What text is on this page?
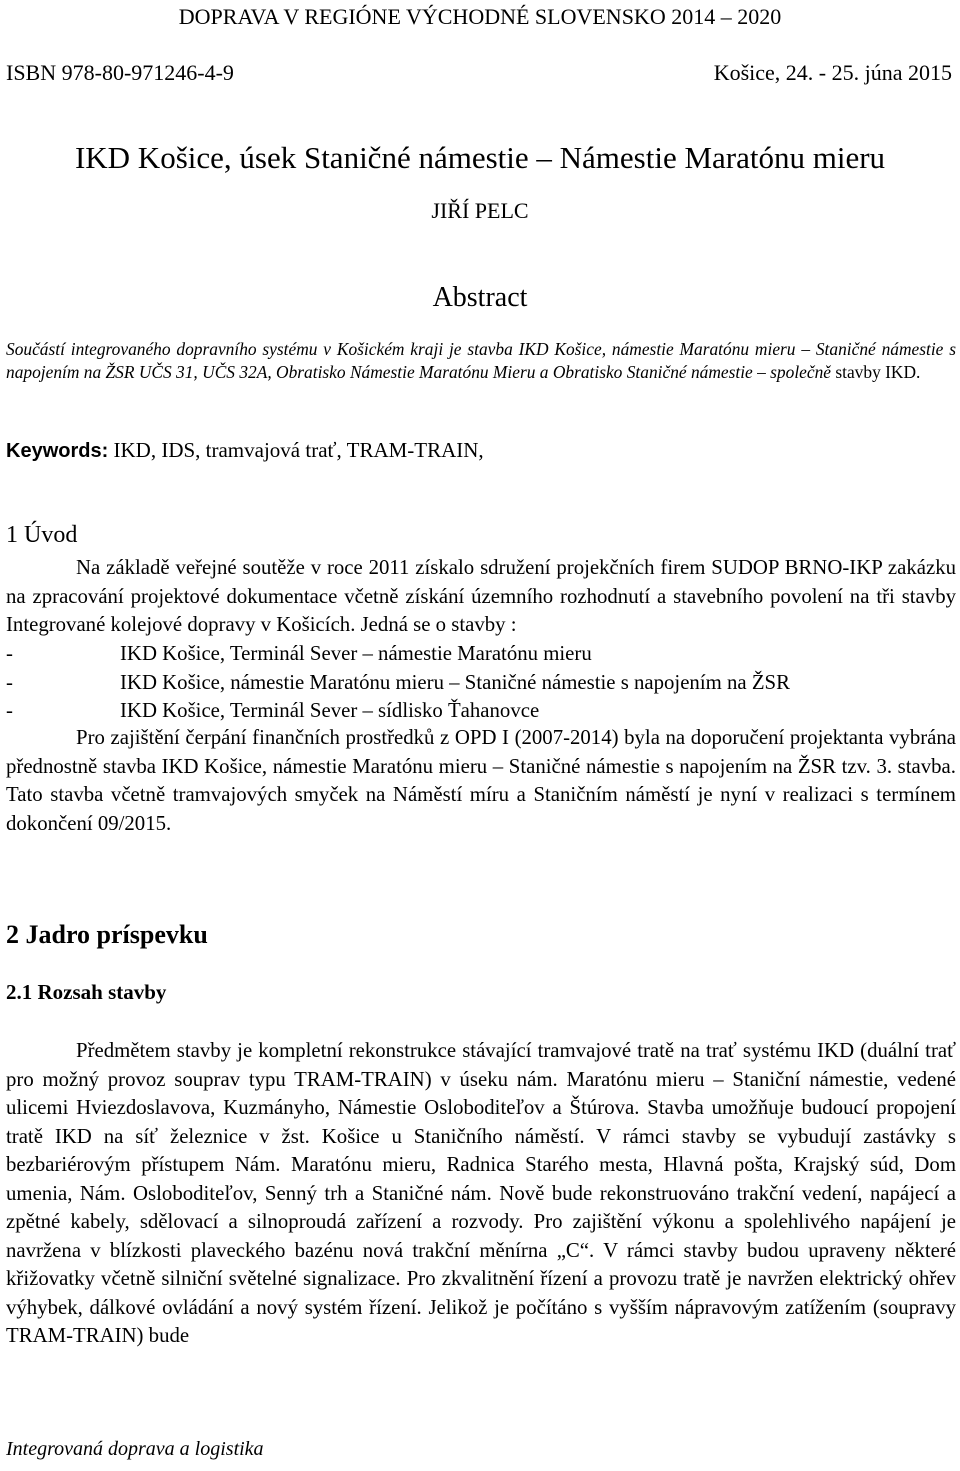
DOPRAVA V REGIÓNE VÝCHODNÉ SLOVENSKO 2014 – 2020
ISBN 978-80-971246-4-9	Košice, 24. - 25. júna 2015
IKD Košice, úsek Staničné námestie – Námestie Maratónu mieru
JIŘÍ PELC
Abstract
Součástí integrovaného dopravního systému v Košickém kraji je stavba IKD Košice, námestie Maratónu mieru – Staničné námestie s napojením na ŽSR UČS 31, UČS 32A, Obratisko Námestie Maratónu Mieru a Obratisko Staničné námestie – společně stavby IKD.
Keywords: IKD, IDS, tramvajová trať, TRAM-TRAIN,
1 Úvod
Na základě veřejné soutěže v roce 2011 získalo sdružení projekčních firem SUDOP BRNO-IKP zakázku na zpracování projektové dokumentace včetně získání územního rozhodnutí a stavebního povolení na tři stavby Integrované kolejové dopravy v Košicích. Jedná se o stavby :
-	IKD Košice, Terminál Sever – námestie Maratónu mieru
-	IKD Košice, námestie Maratónu mieru – Staničné námestie s napojením na ŽSR
-	IKD Košice, Terminál Sever – sídlisko Ťahanovce
Pro zajištění čerpání finančních prostředků z OPD I (2007-2014) byla na doporučení projektanta vybrána přednostně stavba IKD Košice, námestie Maratónu mieru – Staničné námestie s napojením na ŽSR tzv. 3. stavba. Tato stavba včetně tramvajových smyček na Náměstí míru a Staničním náměstí je nyní v realizaci s termínem dokončení 09/2015.
2 Jadro príspevku
2.1 Rozsah stavby
Předmětem stavby je kompletní rekonstrukce stávající tramvajové tratě na trať systému IKD (duální trať pro možný provoz souprav typu TRAM-TRAIN) v úseku nám. Maratónu mieru – Staniční námestie, vedené ulicemi Hviezdoslavova, Kuzmányho, Námestie Osloboditeľov a Štúrova. Stavba umožňuje budoucí propojení tratě IKD na síť železnice v žst. Košice u Staničního náměstí. V rámci stavby se vybudují zastávky s bezbariérovým přístupem Nám. Maratónu mieru, Radnica Starého mesta, Hlavná pošta, Krajský súd, Dom umenia, Nám. Osloboditeľov, Senný trh a Staničné nám. Nově bude rekonstruováno trakční vedení, napájecí a zpětné kabely, sdělovací a silnoproudá zařízení a rozvody. Pro zajištění výkonu a spolehlivého napájení je navržena v blízkosti plaveckého bazénu nová trakční měnírna „C“. V rámci stavby budou upraveny některé křižovatky včetně silniční světelné signalizace. Pro zkvalitnění řízení a provozu tratě je navržen elektrický ohřev výhybek, dálkové ovládání a nový systém řízení. Jelikož je počítáno s vyšším nápravovým zatížením (soupravy TRAM-TRAIN) bude
Integrovaná doprava a logistika
